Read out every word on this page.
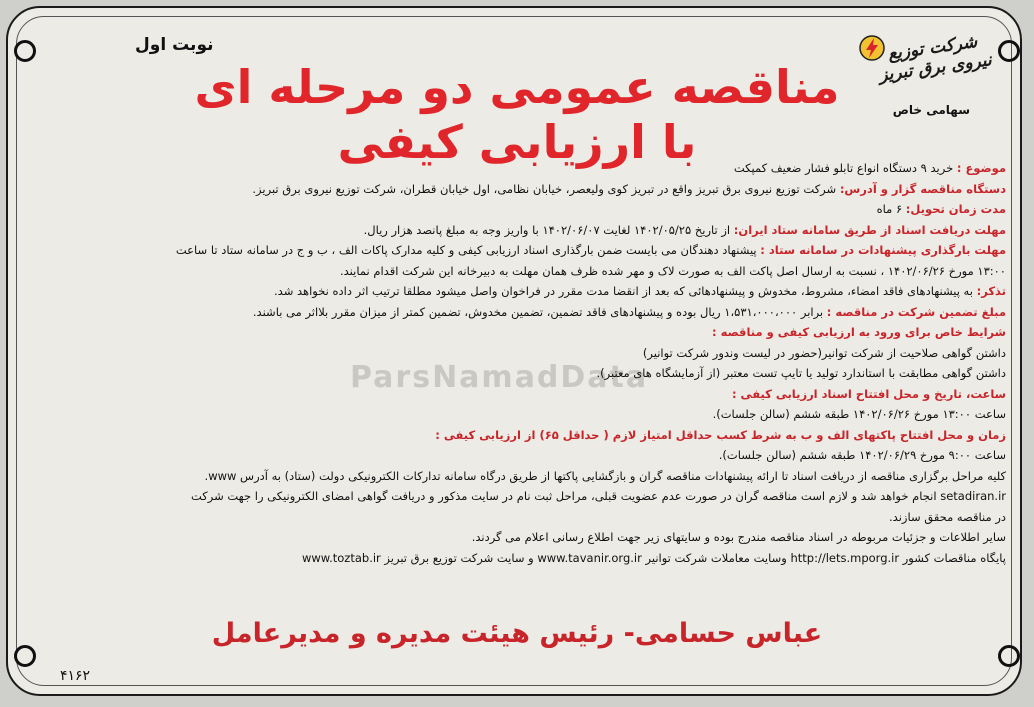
ParsNamadData
نوبت اول	شرکت توزیع نیروی برق تبریز
سهامی خاص
مناقصه عمومی دو مرحله ای
با ارزیابی کیفی	موضوع : خرید ۹ دستگاه انواع تابلو فشار ضعیف کمپکت
دستگاه مناقصه گزار و آدرس: شرکت توزیع نیروی برق تبریز واقع در تبریز کوی ولیعصر، خیابان نظامی، اول خیابان قطران، شرکت توزیع نیروی برق تبریز.
مدت زمان تحویل: ۶ ماه
مهلت دریافت اسناد از طریق سامانه ستاد ایران: از تاریخ ۱۴۰۲/۰۵/۲۵ لغایت ۱۴۰۲/۰۶/۰۷ با واریز وجه به مبلغ پانصد هزار ریال.
مهلت بارگذاری پیشنهادات در سامانه ستاد : پیشنهاد دهندگان می بایست ضمن بارگذاری اسناد ارزیابی کیفی و کلیه مدارک پاکات الف ، ب و ج در سامانه ستاد تا ساعت
۱۳:۰۰ مورخ ۱۴۰۲/۰۶/۲۶ ، نسبت به ارسال اصل پاکت الف به صورت لاک و مهر شده ظرف همان مهلت به دبیرخانه این شرکت اقدام نمایند.
تذکر: به پیشنهادهای فاقد امضاء، مشروط، مخدوش و پیشنهادهائی که بعد از انقضا مدت مقرر در فراخوان واصل میشود مطلقا ترتیب اثر داده نخواهد شد.
مبلغ تضمین شرکت در مناقصه : برابر ۱،۵۳۱،۰۰۰،۰۰۰ ریال بوده و پیشنهادهای فاقد تضمین، تضمین مخدوش، تضمین کمتر از میزان مقرر بلااثر می باشند.
شرایط خاص برای ورود به ارزیابی کیفی و مناقصه :
داشتن گواهی صلاحیت از شرکت توانیر(حضور در لیست وندور شرکت توانیر)
داشتن گواهی مطابقت با استاندارد تولید یا تایپ تست معتبر (از آزمایشگاه های معتبر).
ساعت، تاریخ و محل افتتاح اسناد ارزیابی کیفی :
ساعت ۱۳:۰۰ مورخ ۱۴۰۲/۰۶/۲۶ طبقه ششم (سالن جلسات).
زمان و محل افتتاح پاکتهای الف و ب به شرط کسب حداقل امتیاز لازم ( حداقل ۶۵) از ارزیابی کیفی :
ساعت ۹:۰۰ مورخ ۱۴۰۲/۰۶/۲۹ طبقه ششم (سالن جلسات).
کلیه مراحل برگزاری مناقصه از دریافت اسناد تا ارائه پیشنهادات مناقصه گران و بازگشایی پاکتها از طریق درگاه سامانه تدارکات الکترونیکی دولت (ستاد) به آدرس www.
setadiran.ir انجام خواهد شد و لازم است مناقصه گران در صورت عدم عضویت قبلی، مراحل ثبت نام در سایت مذکور و دریافت گواهی امضای الکترونیکی را جهت شرکت
در مناقصه محقق سازند.
سایر اطلاعات و جزئیات مربوطه در اسناد مناقصه مندرج بوده و سایتهای زیر جهت اطلاع رسانی اعلام می گردند.
پایگاه مناقصات کشور http://lets.mporg.ir وسایت معاملات شرکت توانیر www.tavanir.org.ir و سایت شرکت توزیع برق تبریز www.toztab.ir
عباس حسامی- رئیس هیئت مدیره و مدیرعامل
۴۱۶۲
